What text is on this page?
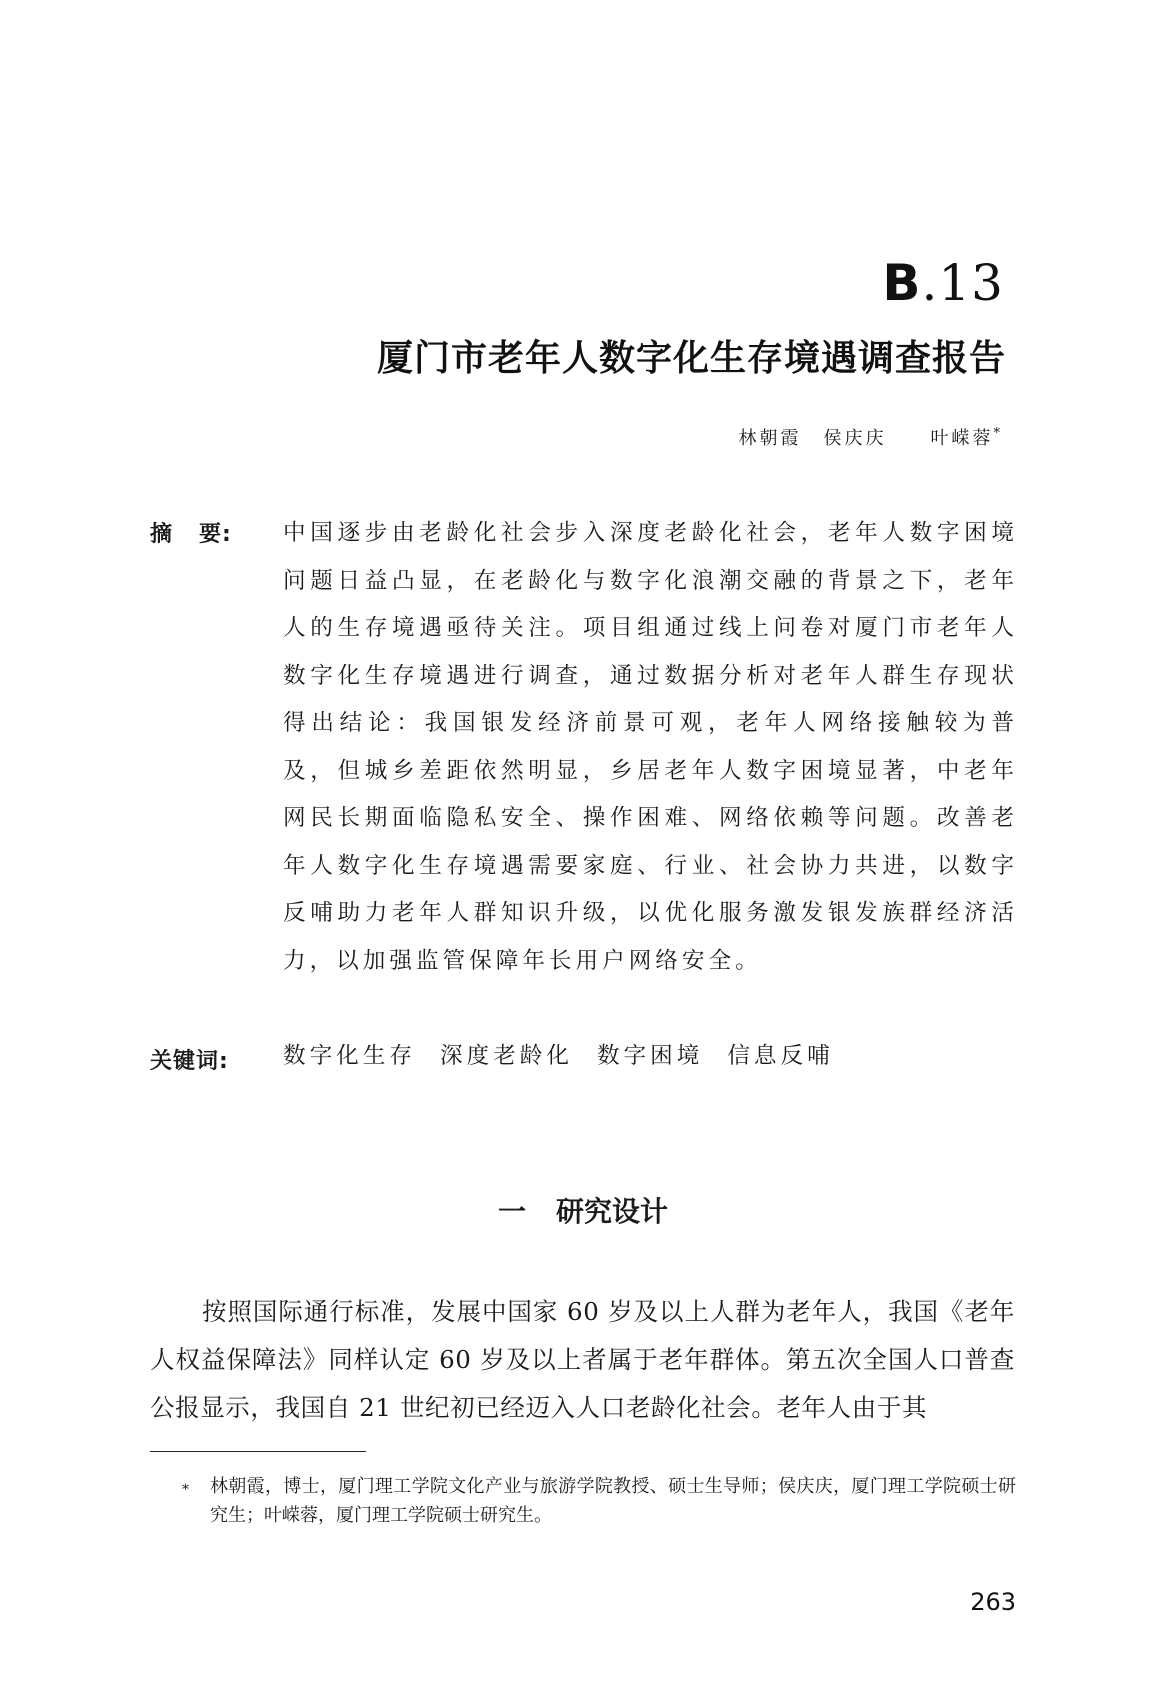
B.13
厦门市老年人数字化生存境遇调查报告
林朝霞 侯庆庆 叶嵘蓉*
摘 要: 中国逐步由老龄化社会步入深度老龄化社会，老年人数字困境问题日益凸显，在老龄化与数字化浪潮交融的背景之下，老年人的生存境遇亟待关注。项目组通过线上问卷对厦门市老年人数字化生存境遇进行调查，通过数据分析对老年人群生存现状得出结论：我国银发经济前景可观，老年人网络接触较为普及，但城乡差距依然明显，乡居老年人数字困境显著，中老年网民长期面临隐私安全、操作困难、网络依赖等问题。改善老年人数字化生存境遇需要家庭、行业、社会协力共进，以数字反哺助力老年人群知识升级，以优化服务激发银发族群经济活力，以加强监管保障年长用户网络安全。
关键词: 数字化生存 深度老龄化 数字困境 信息反哺
一 研究设计
按照国际通行标准，发展中国家 60 岁及以上人群为老年人，我国《老年人权益保障法》同样认定 60 岁及以上者属于老年群体。第五次全国人口普查公报显示，我国自 21 世纪初已经迈入人口老龄化社会。老年人由于其
* 林朝霞，博士，厦门理工学院文化产业与旅游学院教授、硕士生导师；侯庆庆，厦门理工学院硕士研究生；叶嵘蓉，厦门理工学院硕士研究生。
263
